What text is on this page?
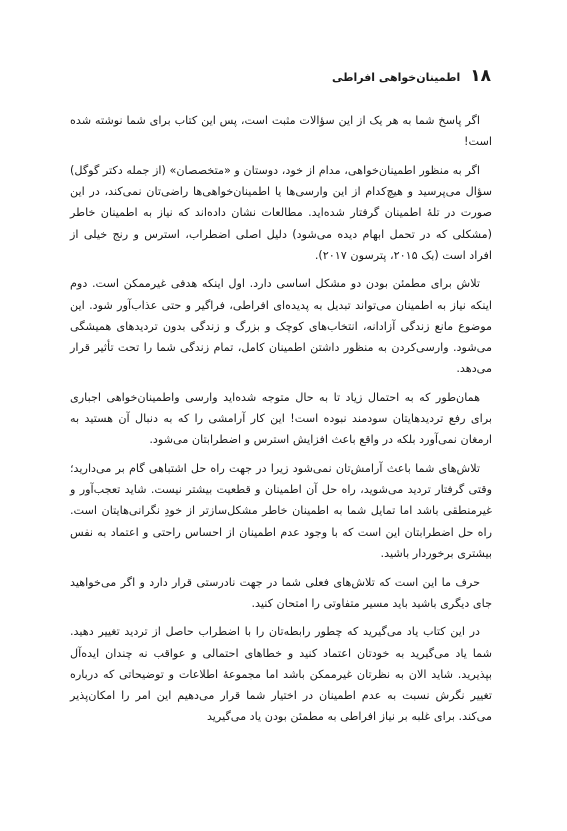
۱۸
اطمینان‌خواهی افراطی

اگر پاسخ شما به هر یک از این سؤالات مثبت است، پس این کتاب برای شما نوشته شده است!

اگر به منظور اطمینان‌خواهی، مدام از خود، دوستان و «متخصصان» (از جمله دکتر گوگل) سؤال می‌پرسید و هیچ‌کدام از این وارسی‌ها یا اطمینان‌خواهی‌ها راضی‌تان نمی‌کند، در این صورت در تلهٔ اطمینان گرفتار شده‌اید. مطالعات نشان داده‌اند که نیاز به اطمینان خاطر (مشکلی که در تحمل ابهام دیده می‌شود) دلیل اصلی اضطراب، استرس و رنج خیلی از افراد است (بک ۲۰۱۵، پترسون ۲۰۱۷).

تلاش برای مطمئن بودن دو مشکل اساسی دارد. اول اینکه هدفی غیرممکن است. دوم اینکه نیاز به اطمینان می‌تواند تبدیل به پدیده‌ای افراطی، فراگیر و حتی عذاب‌آور شود. این موضوع مانع زندگی آزادانه، انتخاب‌های کوچک و بزرگ و زندگی بدون تردیدهای همیشگی می‌شود. وارسی‌کردن به منظور داشتن اطمینان کامل، تمام زندگی شما را تحت تأثیر قرار می‌دهد.

همان‌طور که به احتمال زیاد تا به حال متوجه شده‌اید وارسی واطمینان‌خواهی اجباری برای رفع تردیدهایتان سودمند نبوده است! این کار آرامشی را که به دنبال آن هستید به ارمغان نمی‌آورد بلکه در واقع باعث افزایش استرس و اضطرابتان می‌شود.

تلاش‌های شما باعث آرامش‌تان نمی‌شود زیرا در جهت راه حل اشتباهی گام بر می‌دارید؛ وقتی گرفتار تردید می‌شوید، راه حل آن اطمینان و قطعیت بیشتر نیست. شاید تعجب‌آور و غیرمنطقی باشد اما تمایل شما به اطمینان خاطر مشکل‌سازتر از خودِ نگرانی‌هایتان است. راه حل اضطرابتان این است که با وجود عدم اطمینان از احساس راحتی و اعتماد به نفس بیشتری برخوردار باشید.

حرف ما این است که تلاش‌های فعلی شما در جهت نادرستی قرار دارد و اگر می‌خواهید جای دیگری باشید باید مسیر متفاوتی را امتحان کنید.

در این کتاب یاد می‌گیرید که چطور رابطه‌تان را با اضطراب حاصل از تردید تغییر دهید. شما یاد می‌گیرید به خودتان اعتماد کنید و خطاهای احتمالی و عواقب نه چندان ایده‌آل بپذیرید. شاید الان به نظرتان غیرممکن باشد اما مجموعهٔ اطلاعات و توضیحاتی که درباره تغییر نگرش نسبت به عدم اطمینان در اختیار شما قرار می‌دهیم این امر را امکان‌پذیر می‌کند. برای غلبه بر نیاز افراطی به مطمئن بودن یاد می‌گیرید
